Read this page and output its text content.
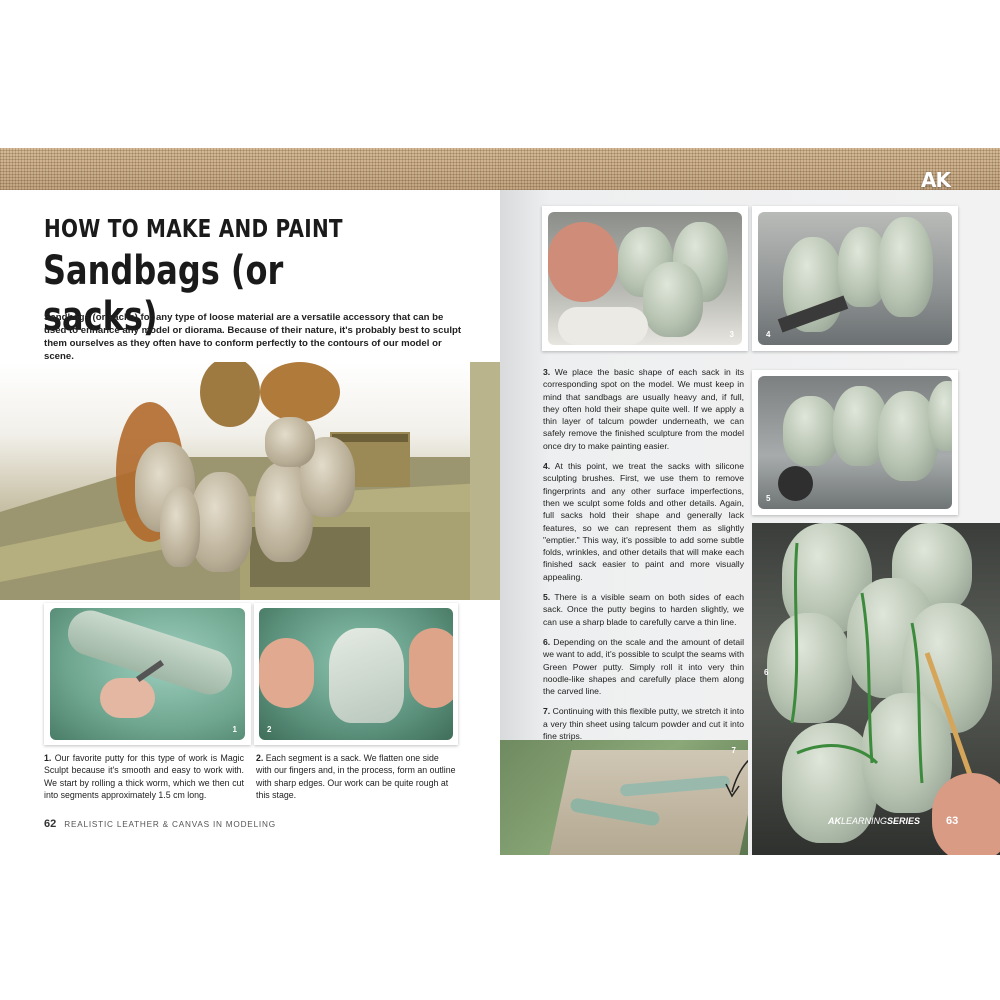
HOW TO MAKE AND PAINT
Sandbags (or sacks)
Sandbags (or sacks) for any type of loose material are a versatile accessory that can be used to enhance any model or diorama. Because of their nature, it's probably best to sculpt them ourselves as they often have to conform perfectly to the contours of our model or scene.
1	2
1. Our favorite putty for this type of work is Magic Sculpt because it's smooth and easy to work with. We start by rolling a thick worm, which we then cut into segments approximately 1.5 cm long.
2. Each segment is a sack. We flatten one side with our fingers and, in the process, form an outline with sharp edges. Our work can be quite rough at this stage.
62 REALISTIC LEATHER & CANVAS IN MODELING
AK
3	4
5
6
AKLEARNINGSERIES 63
7

3. We place the basic shape of each sack in its corresponding spot on the model. We must keep in mind that sandbags are usually heavy and, if full, they often hold their shape quite well. If we apply a thin layer of talcum powder underneath, we can safely remove the finished sculpture from the model once dry to make painting easier.

4. At this point, we treat the sacks with silicone sculpting brushes. First, we use them to remove fingerprints and any other surface imperfections, then we sculpt some folds and other details. Again, full sacks hold their shape and generally lack features, so we can represent them as slightly "emptier." This way, it's possible to add some subtle folds, wrinkles, and other details that will make each finished sack easier to paint and more visually appealing.

5. There is a visible seam on both sides of each sack. Once the putty begins to harden slightly, we can use a sharp blade to carefully carve a thin line.

6. Depending on the scale and the amount of detail we want to add, it's possible to sculpt the seams with Green Power putty. Simply roll it into very thin noodle-like shapes and carefully place them along the carved line.

7. Continuing with this flexible putty, we stretch it into a very thin sheet using talcum powder and cut it into fine strips.
